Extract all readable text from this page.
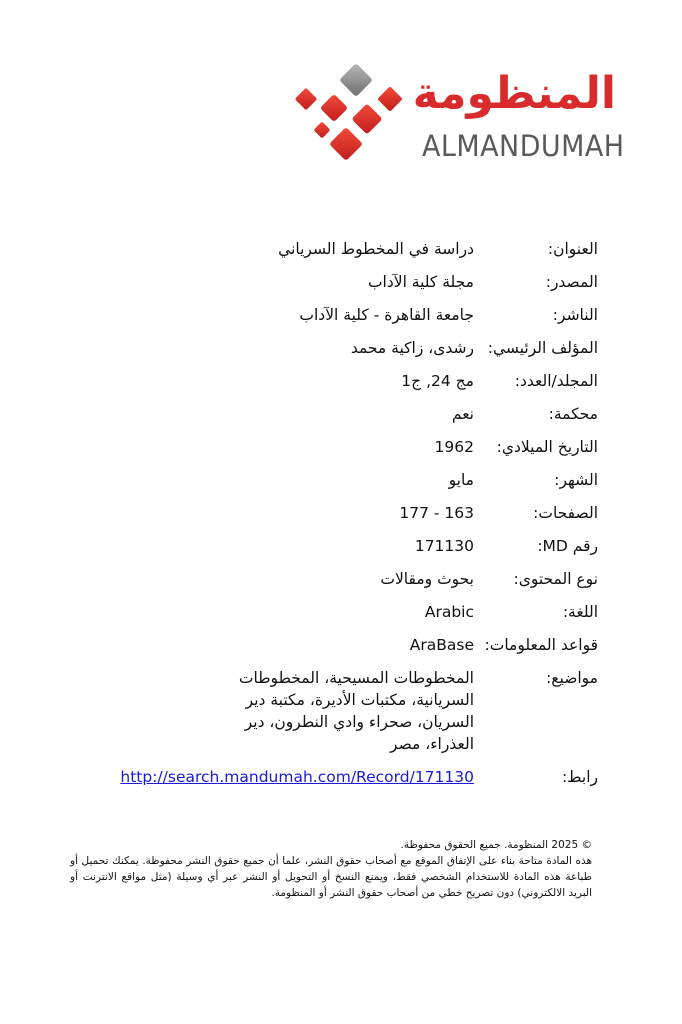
المنظومة
ALMANDUMAH
العنوان:
دراسة في المخطوط السرياني
المصدر:
مجلة كلية الآداب
الناشر:
جامعة القاهرة - كلية الآداب
المؤلف الرئيسي:
رشدى، زاكية محمد
المجلد/العدد:
مج 24, ج1
محكمة:
نعم
التاريخ الميلادي:
1962
الشهر:
مايو
الصفحات:
163 - 177
رقم MD:
171130
نوع المحتوى:
بحوث ومقالات
اللغة:
Arabic
قواعد المعلومات:
AraBase
مواضيع:
المخطوطات المسيحية، المخطوطات السريانية، مكتبات الأديرة، مكتبة دير السريان، صحراء وادي النطرون، دير العذراء، مصر
رابط:
http://search.mandumah.com/Record/171130

© 2025 المنظومة. جميع الحقوق محفوظة.

هذه المادة متاحة بناء على الإتفاق الموقع مع أصحاب حقوق النشر، علما أن جميع حقوق النشر محفوظة. يمكنك تحميل أو طباعة هذه المادة للاستخدام الشخصي فقط، ويمنع النسخ أو التحويل أو النشر عبر أي وسيلة (مثل مواقع الانترنت أو البريد الالكتروني) دون تصريح خطي من أصحاب حقوق النشر أو المنظومة.
